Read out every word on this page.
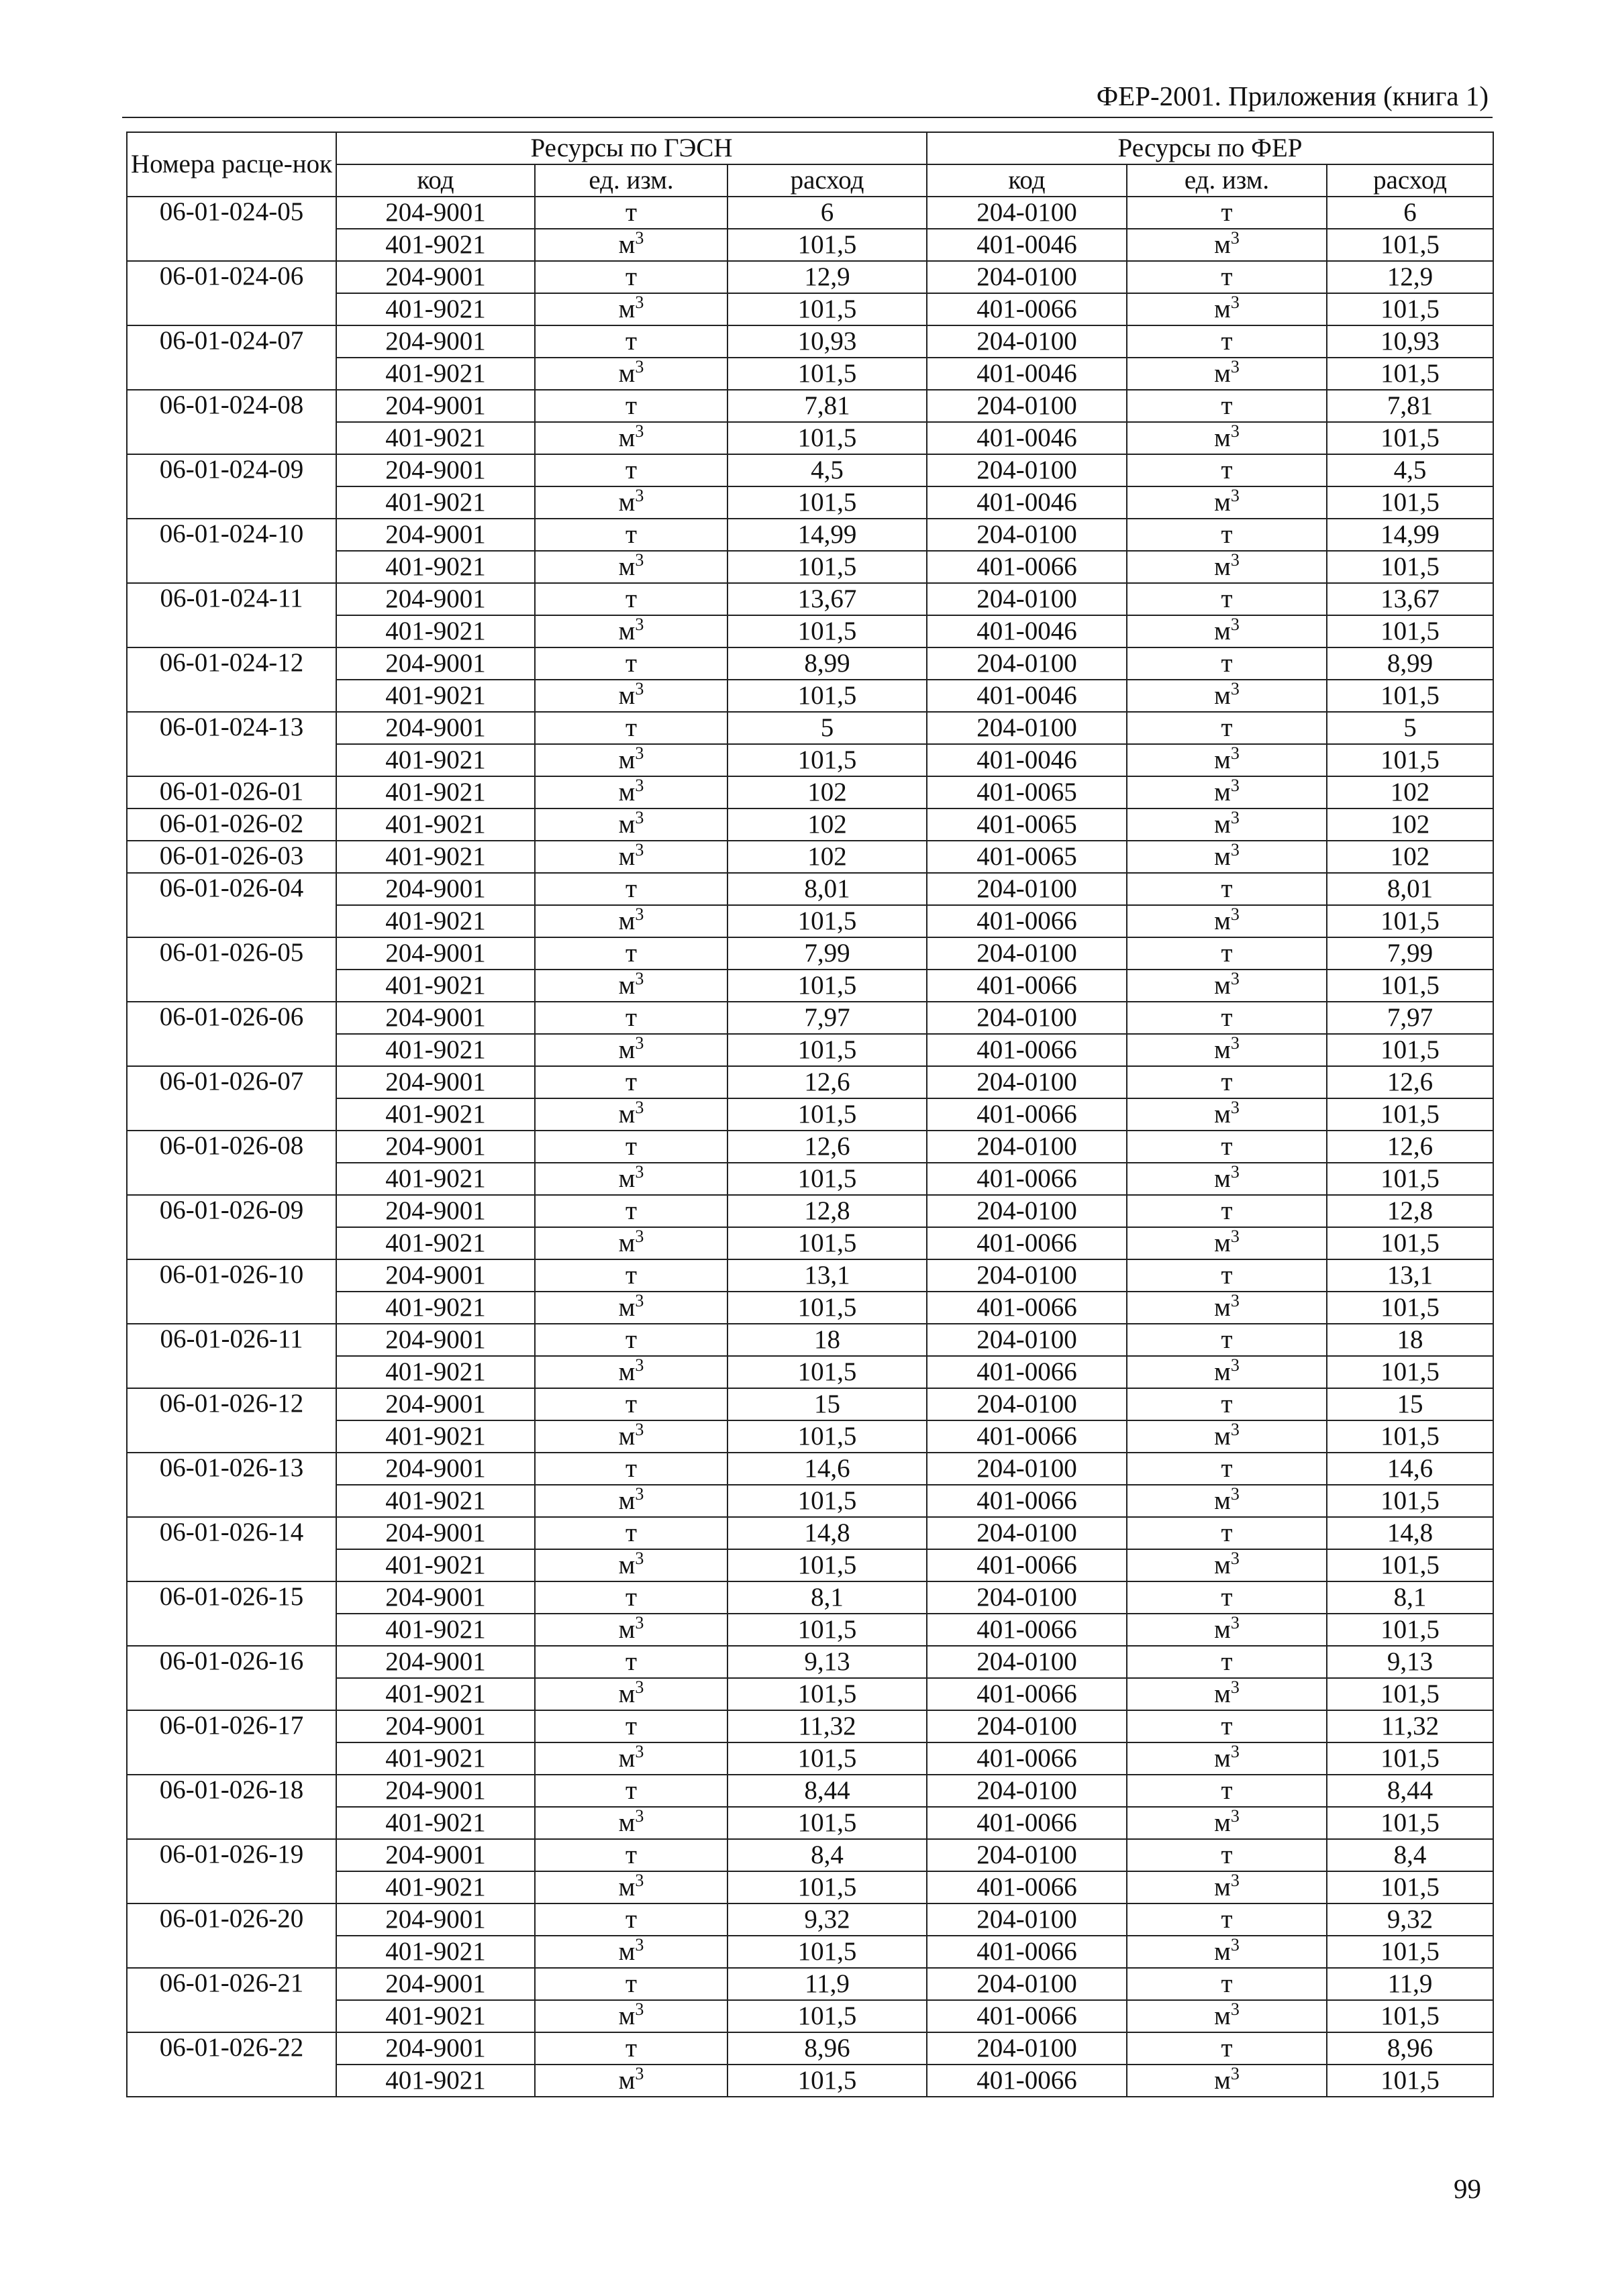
ФЕР-2001. Приложения (книга 1)
Номера расце-нок	Ресурсы по ГЭСН			Ресурсы по ФЕР		
	код	ед. изм.	расход	код	ед. изм.	расход
06-01-024-05	204-9001	т	6	204-0100	т	6
	401-9021	$м^3$	101,5	401-0046	$м^3$	101,5
06-01-024-06	204-9001	т	12,9	204-0100	т	12,9
	401-9021	$м^3$	101,5	401-0066	$м^3$	101,5
06-01-024-07	204-9001	т	10,93	204-0100	т	10,93
	401-9021	$м^3$	101,5	401-0046	$м^3$	101,5
06-01-024-08	204-9001	т	7,81	204-0100	т	7,81
	401-9021	$м^3$	101,5	401-0046	$м^3$	101,5
06-01-024-09	204-9001	т	4,5	204-0100	т	4,5
	401-9021	$м^3$	101,5	401-0046	$м^3$	101,5
06-01-024-10	204-9001	т	14,99	204-0100	т	14,99
	401-9021	$м^3$	101,5	401-0066	$м^3$	101,5
06-01-024-11	204-9001	т	13,67	204-0100	т	13,67
	401-9021	$м^3$	101,5	401-0046	$м^3$	101,5
06-01-024-12	204-9001	т	8,99	204-0100	т	8,99
	401-9021	$м^3$	101,5	401-0046	$м^3$	101,5
06-01-024-13	204-9001	т	5	204-0100	т	5
	401-9021	$м^3$	101,5	401-0046	$м^3$	101,5
06-01-026-01	401-9021	$м^3$	102	401-0065	$м^3$	102
06-01-026-02	401-9021	$м^3$	102	401-0065	$м^3$	102
06-01-026-03	401-9021	$м^3$	102	401-0065	$м^3$	102
06-01-026-04	204-9001	т	8,01	204-0100	т	8,01
	401-9021	$м^3$	101,5	401-0066	$м^3$	101,5
06-01-026-05	204-9001	т	7,99	204-0100	т	7,99
	401-9021	$м^3$	101,5	401-0066	$м^3$	101,5
06-01-026-06	204-9001	т	7,97	204-0100	т	7,97
	401-9021	$м^3$	101,5	401-0066	$м^3$	101,5
06-01-026-07	204-9001	т	12,6	204-0100	т	12,6
	401-9021	$м^3$	101,5	401-0066	$м^3$	101,5
06-01-026-08	204-9001	т	12,6	204-0100	т	12,6
	401-9021	$м^3$	101,5	401-0066	$м^3$	101,5
06-01-026-09	204-9001	т	12,8	204-0100	т	12,8
	401-9021	$м^3$	101,5	401-0066	$м^3$	101,5
06-01-026-10	204-9001	т	13,1	204-0100	т	13,1
	401-9021	$м^3$	101,5	401-0066	$м^3$	101,5
06-01-026-11	204-9001	т	18	204-0100	т	18
	401-9021	$м^3$	101,5	401-0066	$м^3$	101,5
06-01-026-12	204-9001	т	15	204-0100	т	15
	401-9021	$м^3$	101,5	401-0066	$м^3$	101,5
06-01-026-13	204-9001	т	14,6	204-0100	т	14,6
	401-9021	$м^3$	101,5	401-0066	$м^3$	101,5
06-01-026-14	204-9001	т	14,8	204-0100	т	14,8
	401-9021	$м^3$	101,5	401-0066	$м^3$	101,5
06-01-026-15	204-9001	т	8,1	204-0100	т	8,1
	401-9021	$м^3$	101,5	401-0066	$м^3$	101,5
06-01-026-16	204-9001	т	9,13	204-0100	т	9,13
	401-9021	$м^3$	101,5	401-0066	$м^3$	101,5
06-01-026-17	204-9001	т	11,32	204-0100	т	11,32
	401-9021	$м^3$	101,5	401-0066	$м^3$	101,5
06-01-026-18	204-9001	т	8,44	204-0100	т	8,44
	401-9021	$м^3$	101,5	401-0066	$м^3$	101,5
06-01-026-19	204-9001	т	8,4	204-0100	т	8,4
	401-9021	$м^3$	101,5	401-0066	$м^3$	101,5
06-01-026-20	204-9001	т	9,32	204-0100	т	9,32
	401-9021	$м^3$	101,5	401-0066	$м^3$	101,5
06-01-026-21	204-9001	т	11,9	204-0100	т	11,9
	401-9021	$м^3$	101,5	401-0066	$м^3$	101,5
06-01-026-22	204-9001	т	8,96	204-0100	т	8,96
	401-9021	$м^3$	101,5	401-0066	$м^3$	101,5
99
